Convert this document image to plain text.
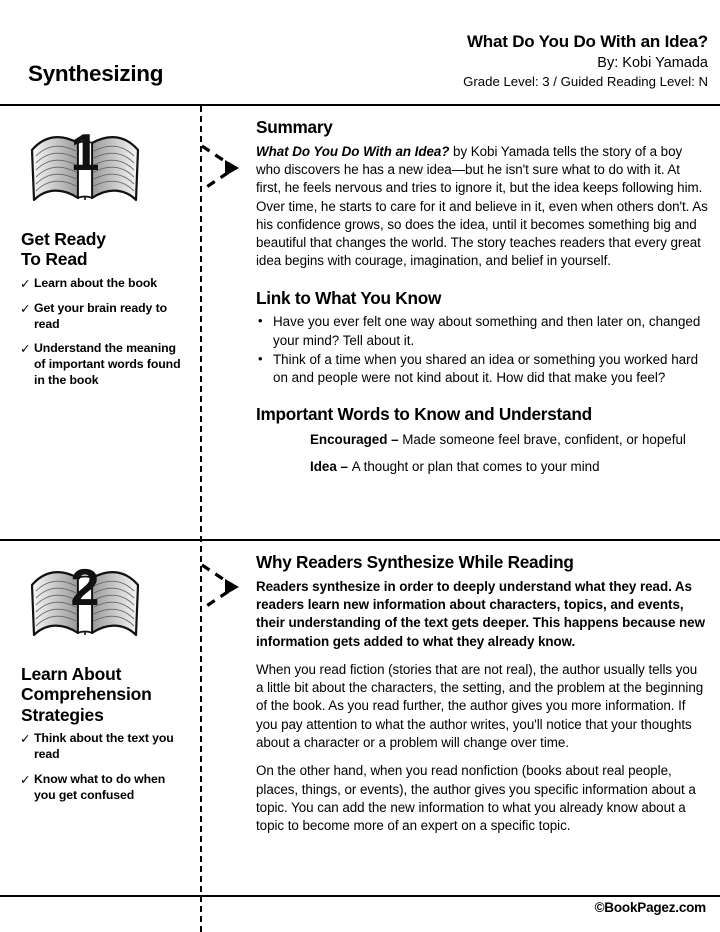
Synthesizing
What Do You Do With an Idea?
By: Kobi Yamada
Grade Level: 3 / Guided Reading Level: N
1
Get Ready
To Read
✓ Learn about the book
✓ Get your brain ready to read
✓ Understand the meaning of important words found in the book
Summary

What Do You Do With an Idea? by Kobi Yamada tells the story of a boy who discovers he has a new idea—but he isn't sure what to do with it. At first, he feels nervous and tries to ignore it, but the idea keeps following him. Over time, he starts to care for it and believe in it, even when others don't. As his confidence grows, so does the idea, until it becomes something big and beautiful that changes the world. The story teaches readers that every great idea begins with courage, imagination, and belief in yourself.

Link to What You Know
• Have you ever felt one way about something and then later on, changed your mind? Tell about it.
• Think of a time when you shared an idea or something you worked hard on and people were not kind about it. How did that make you feel?
Important Words to Know and Understand
Encouraged – Made someone feel brave, confident, or hopeful
Idea – A thought or plan that comes to your mind
2
Learn About
Comprehension
Strategies
✓ Think about the text you read
✓ Know what to do when you get confused
Why Readers Synthesize While Reading

Readers synthesize in order to deeply understand what they read. As readers learn new information about characters, topics, and events, their understanding of the text gets deeper. This happens because new information gets added to what they already know.

When you read fiction (stories that are not real), the author usually tells you a little bit about the characters, the setting, and the problem at the beginning of the book. As you read further, the author gives you more information. If you pay attention to what the author writes, you'll notice that your thoughts about a character or a problem will change over time.

On the other hand, when you read nonfiction (books about real people, places, things, or events), the author gives you specific information about a topic. You can add the new information to what you already know about a topic to become more of an expert on a specific topic.

©BookPagez.com
